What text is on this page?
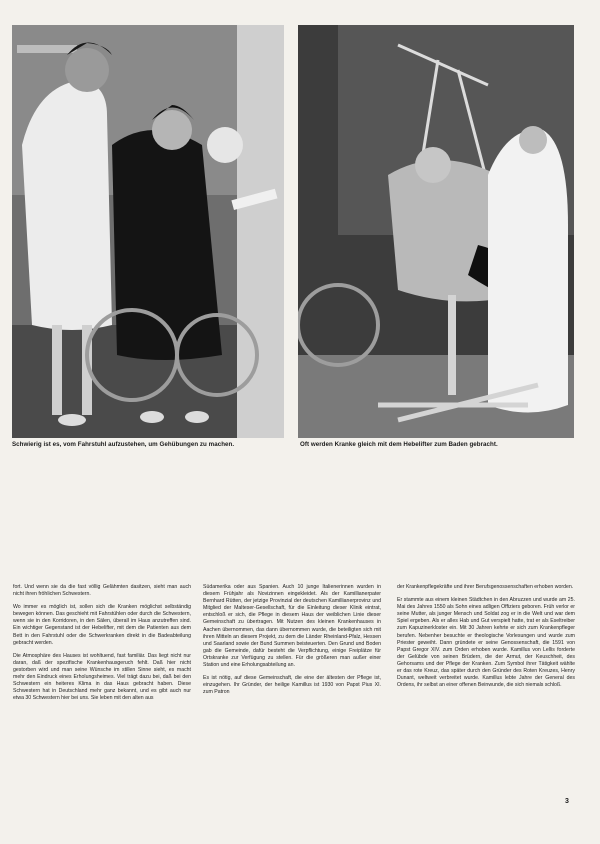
Schwierig ist es, vom Fahrstuhl aufzustehen, um Gehübungen zu machen.	Oft werden Kranke gleich mit dem Hebelifter zum Baden gebracht.

fort. Und wenn sie da die fast völlig Gelähmten dasitzen, sieht man auch nicht ihren fröhlichen Schwestern.

Wo immer es möglich ist, sollen sich die Kranken möglichst selbständig bewegen können. Das geschieht mit Fahrstühlen oder durch die Schwestern, wenn sie in den Korridoren, in den Sälen, überall im Haus anzutreffen sind. Ein wichtiger Gegenstand ist der Hebelifter, mit dem die Patienten aus dem Bett in den Fahrstuhl oder die Schwerkranken direkt in die Badeabteilung gebracht werden.

Die Atmosphäre des Hauses ist wohltuend, fast familiär. Das liegt nicht nur daran, daß der spezifische Krankenhausgeruch fehlt. Daß hier nicht gestorben wird und man seine Wünsche im stillen Sinne sieht, es macht mehr den Eindruck eines Erholungsheimes. Viel trägt dazu bei, daß bei den Schwestern ein heiteres Klima in das Haus gebracht haben. Diese Schwestern hat in Deutschland mehr ganz bekannt, und es gibt auch nur etwa 30 Schwestern hier bei uns. Sie leben mit den alten aus

Südamerika oder aus Spanien. Auch 10 junge Italienerinnen wurden in diesem Frühjahr als Novizinnen eingekleidet. Als der Kamillianerpater Bernhard Rütten, der jetzige Provinzial der deutschen Kamillianerprovinz und Mitglied der Malteser-Gesellschaft, für die Einleitung dieser Klinik eintrat, entschloß er sich, die Pflege in diesem Haus der weiblichen Linie dieser Gemeinschaft zu übertragen. Mit Nutzen des kleinen Krankenhauses in Aachen übernommen, das dann übernommen wurde, die beteiligten sich mit ihren Mitteln an diesem Projekt, zu dem die Länder Rheinland-Pfalz, Hessen und Saarland sowie der Bund Summen beisteuerten. Den Grund und Boden gab die Gemeinde, dafür besteht die Verpflichtung, einige Freiplätze für Ortskranke zur Verfügung zu stellen. Für die größeren man außer einer Station und eine Erholungsabteilung an.

Es ist nötig, auf diese Gemeinschaft, die eine der ältesten der Pflege ist, einzugehen. Ihr Gründer, der heilige Kamillus ist 1930 von Papst Pius XI. zum Patron

der Krankenpflegekräfte und ihrer Berufsgenossenschaften erhoben worden.

Er stammte aus einem kleinen Städtchen in den Abruzzen und wurde am 25. Mai des Jahres 1550 als Sohn eines adligen Offiziers geboren. Früh verlor er seine Mutter, als junger Mensch und Soldat zog er in die Welt und war dem Spiel ergeben. Als er alles Hab und Gut verspielt hatte, trat er als Eseltreiber zum Kapuzinerkloster ein. Mit 30 Jahren kehrte er sich zum Krankenpfleger berufen. Nebenher besuchte er theologische Vorlesungen und wurde zum Priester geweiht. Dann gründete er seine Genossenschaft, die 1591 von Papst Gregor XIV. zum Orden erhoben wurde. Kamillus von Lellis forderte der Gelübde von seinen Brüdern, die der Armut, der Keuschheit, des Gehorsams und der Pflege der Kranken. Zum Symbol ihrer Tätigkeit wählte er das rote Kreuz, das später durch den Gründer des Roten Kreuzes, Henry Dunant, weltweit verbreitet wurde. Kamillus lebte Jahre der General des Ordens, ihr selbst an einer offenen Beinwunde, die sich niemals schloß.

3
